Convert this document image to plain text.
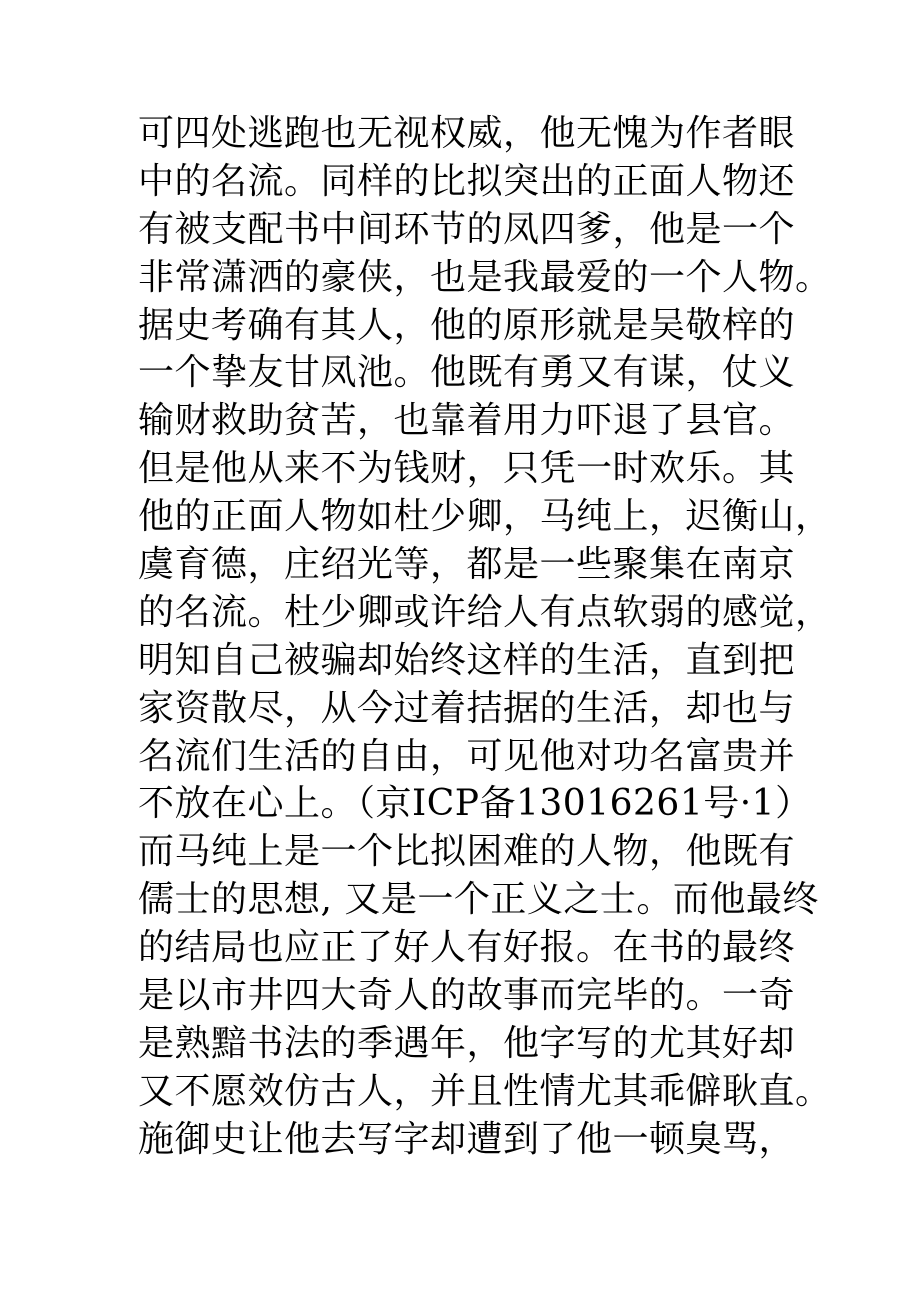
可四处逃跑也无视权威，他无愧为作者眼
中的名流。同样的比拟突出的正面人物还
有被支配书中间环节的凤四爹，他是一个
非常潇洒的豪侠，也是我最爱的一个人物。
据史考确有其人，他的原形就是吴敬梓的
一个挚友甘凤池。他既有勇又有谋，仗义
输财救助贫苦，也靠着用力吓退了县官。
但是他从来不为钱财，只凭一时欢乐。其
他的正面人物如杜少卿，马纯上，迟衡山，
虞育德，庄绍光等，都是一些聚集在南京
的名流。杜少卿或许给人有点软弱的感觉，
明知自己被骗却始终这样的生活，直到把
家资散尽，从今过着拮据的生活，却也与
名流们生活的自由，可见他对功名富贵并
不放在心上。（京ICP备13016261号·1）
而马纯上是一个比拟困难的人物，他既有
儒士的思想, 又是一个正义之士。而他最终
的结局也应正了好人有好报。在书的最终
是以市井四大奇人的故事而完毕的。一奇
是熟黯书法的季遇年，他字写的尤其好却
又不愿效仿古人，并且性情尤其乖僻耿直。
施御史让他去写字却遭到了他一顿臭骂，
